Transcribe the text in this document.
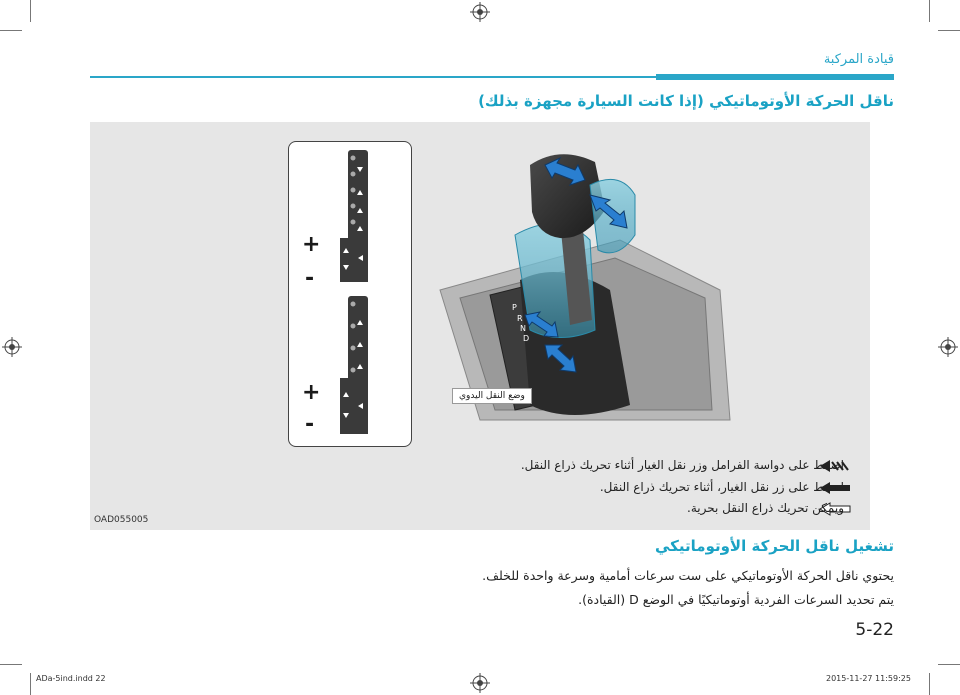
قيادة المركبة
ناقل الحركة الأوتوماتيكي (إذا كانت السيارة مجهزة بذلك)
P
R
N
D
وضع النقل اليدوي
+
-
+
-
اضغط على دواسة الفرامل وزر نقل الغيار أثناء تحريك ذراع النقل.
اضغط على زر نقل الغيار، أثناء تحريك ذراع النقل.
ويمكن تحريك ذراع النقل بحرية.
OAD055005
تشغيل ناقل الحركة الأوتوماتيكي
يحتوي ناقل الحركة الأوتوماتيكي على ست سرعات أمامية وسرعة واحدة للخلف.
يتم تحديد السرعات الفردية أوتوماتيكيًا في الوضع D (القيادة).
5-22
ADa-5ind.indd 22	2015-11-27 11:59:25
